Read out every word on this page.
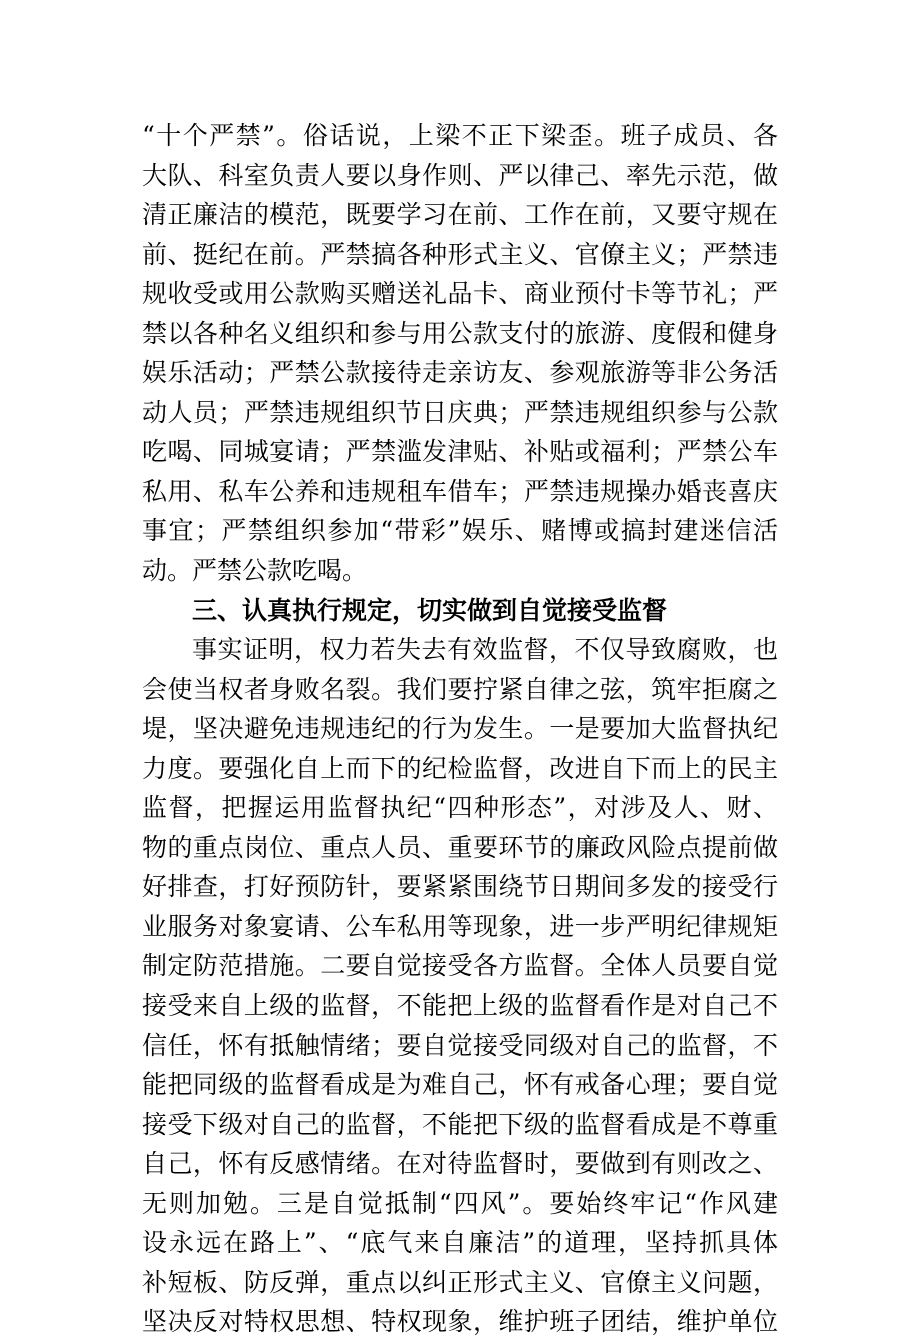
“十个严禁”。俗话说，上梁不正下梁歪。班子成员、各
大队、科室负责人要以身作则、严以律己、率先示范，做
清正廉洁的模范，既要学习在前、工作在前，又要守规在
前、挺纪在前。严禁搞各种形式主义、官僚主义；严禁违
规收受或用公款购买赠送礼品卡、商业预付卡等节礼；严
禁以各种名义组织和参与用公款支付的旅游、度假和健身
娱乐活动；严禁公款接待走亲访友、参观旅游等非公务活
动人员；严禁违规组织节日庆典；严禁违规组织参与公款
吃喝、同城宴请；严禁滥发津贴、补贴或福利；严禁公车
私用、私车公养和违规租车借车；严禁违规操办婚丧喜庆
事宜；严禁组织参加“带彩”娱乐、赌博或搞封建迷信活
动。严禁公款吃喝。
三、认真执行规定，切实做到自觉接受监督
事实证明，权力若失去有效监督，不仅导致腐败，也
会使当权者身败名裂。我们要拧紧自律之弦，筑牢拒腐之
堤，坚决避免违规违纪的行为发生。一是要加大监督执纪
力度。要强化自上而下的纪检监督，改进自下而上的民主
监督，把握运用监督执纪“四种形态”，对涉及人、财、
物的重点岗位、重点人员、重要环节的廉政风险点提前做
好排查，打好预防针，要紧紧围绕节日期间多发的接受行
业服务对象宴请、公车私用等现象，进一步严明纪律规矩
制定防范措施。二要自觉接受各方监督。全体人员要自觉
接受来自上级的监督，不能把上级的监督看作是对自己不
信任，怀有抵触情绪；要自觉接受同级对自己的监督，不
能把同级的监督看成是为难自己，怀有戒备心理；要自觉
接受下级对自己的监督，不能把下级的监督看成是不尊重
自己，怀有反感情绪。在对待监督时，要做到有则改之、
无则加勉。三是自觉抵制“四风”。要始终牢记“作风建
设永远在路上”、“底气来自廉洁”的道理，坚持抓具体
补短板、防反弹，重点以纠正形式主义、官僚主义问题，
坚决反对特权思想、特权现象，维护班子团结，维护单位
